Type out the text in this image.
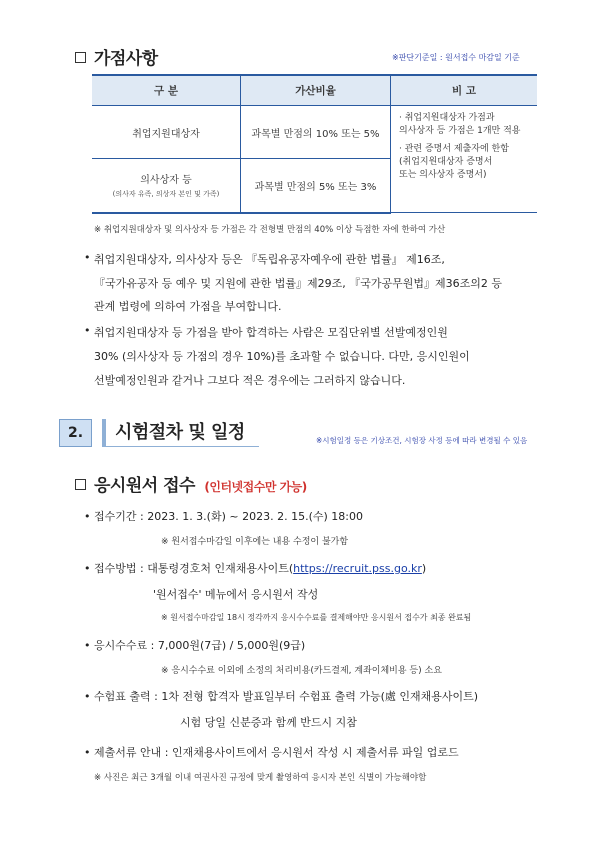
가점사항	※판단기준일 : 원서접수 마감일 기준
구 분	가산비율	비 고
취업지원대상자	과목별 만점의 10% 또는 5%	· 취업지원대상자 가점과
의사상자 등 가점은 1개만 적용
· 관련 증명서 제출자에 한함
(취업지원대상자 증명서
또는 의사상자 증명서)

의사상자 등
(의사자 유족, 의상자 본인 및 가족)	과목별 만점의 5% 또는 3%	
※ 취업지원대상자 및 의사상자 등 가점은 각 전형별 만점의 40% 이상 득점한 자에 한하여 가산
• 취업지원대상자, 의사상자 등은 『독립유공자예우에 관한 법률』 제16조,
『국가유공자 등 예우 및 지원에 관한 법률』제29조, 『국가공무원법』제36조의2 등
관계 법령에 의하여 가점을 부여합니다.
• 취업지원대상자 등 가점을 받아 합격하는 사람은 모집단위별 선발예정인원
30% (의사상자 등 가점의 경우 10%)를 초과할 수 없습니다. 다만, 응시인원이
선발예정인원과 같거나 그보다 적은 경우에는 그러하지 않습니다.
2.	시험절차 및 일정	※시험일정 등은 기상조건, 시험장 사정 등에 따라 변경될 수 있음
응시원서 접수 (인터넷접수만 가능)
• 접수기간 : 2023. 1. 3.(화) ~ 2023. 2. 15.(수) 18:00
※ 원서접수마감일 이후에는 내용 수정이 불가함
• 접수방법 : 대통령경호처 인재채용사이트(https://recruit.pss.go.kr)
'원서접수' 메뉴에서 응시원서 작성
※ 원서접수마감일 18시 정각까지 응시수수료를 결제해야만 응시원서 접수가 최종 완료됨
• 응시수수료 : 7,000원(7급) / 5,000원(9급)
※ 응시수수료 이외에 소정의 처리비용(카드결제, 계좌이체비용 등) 소요
• 수험표 출력 : 1차 전형 합격자 발표일부터 수험표 출력 가능(處 인재채용사이트)
시험 당일 신분증과 함께 반드시 지참
• 제출서류 안내 : 인재채용사이트에서 응시원서 작성 시 제출서류 파일 업로드
※ 사진은 최근 3개월 이내 여권사진 규정에 맞게 촬영하여 응시자 본인 식별이 가능해야함
